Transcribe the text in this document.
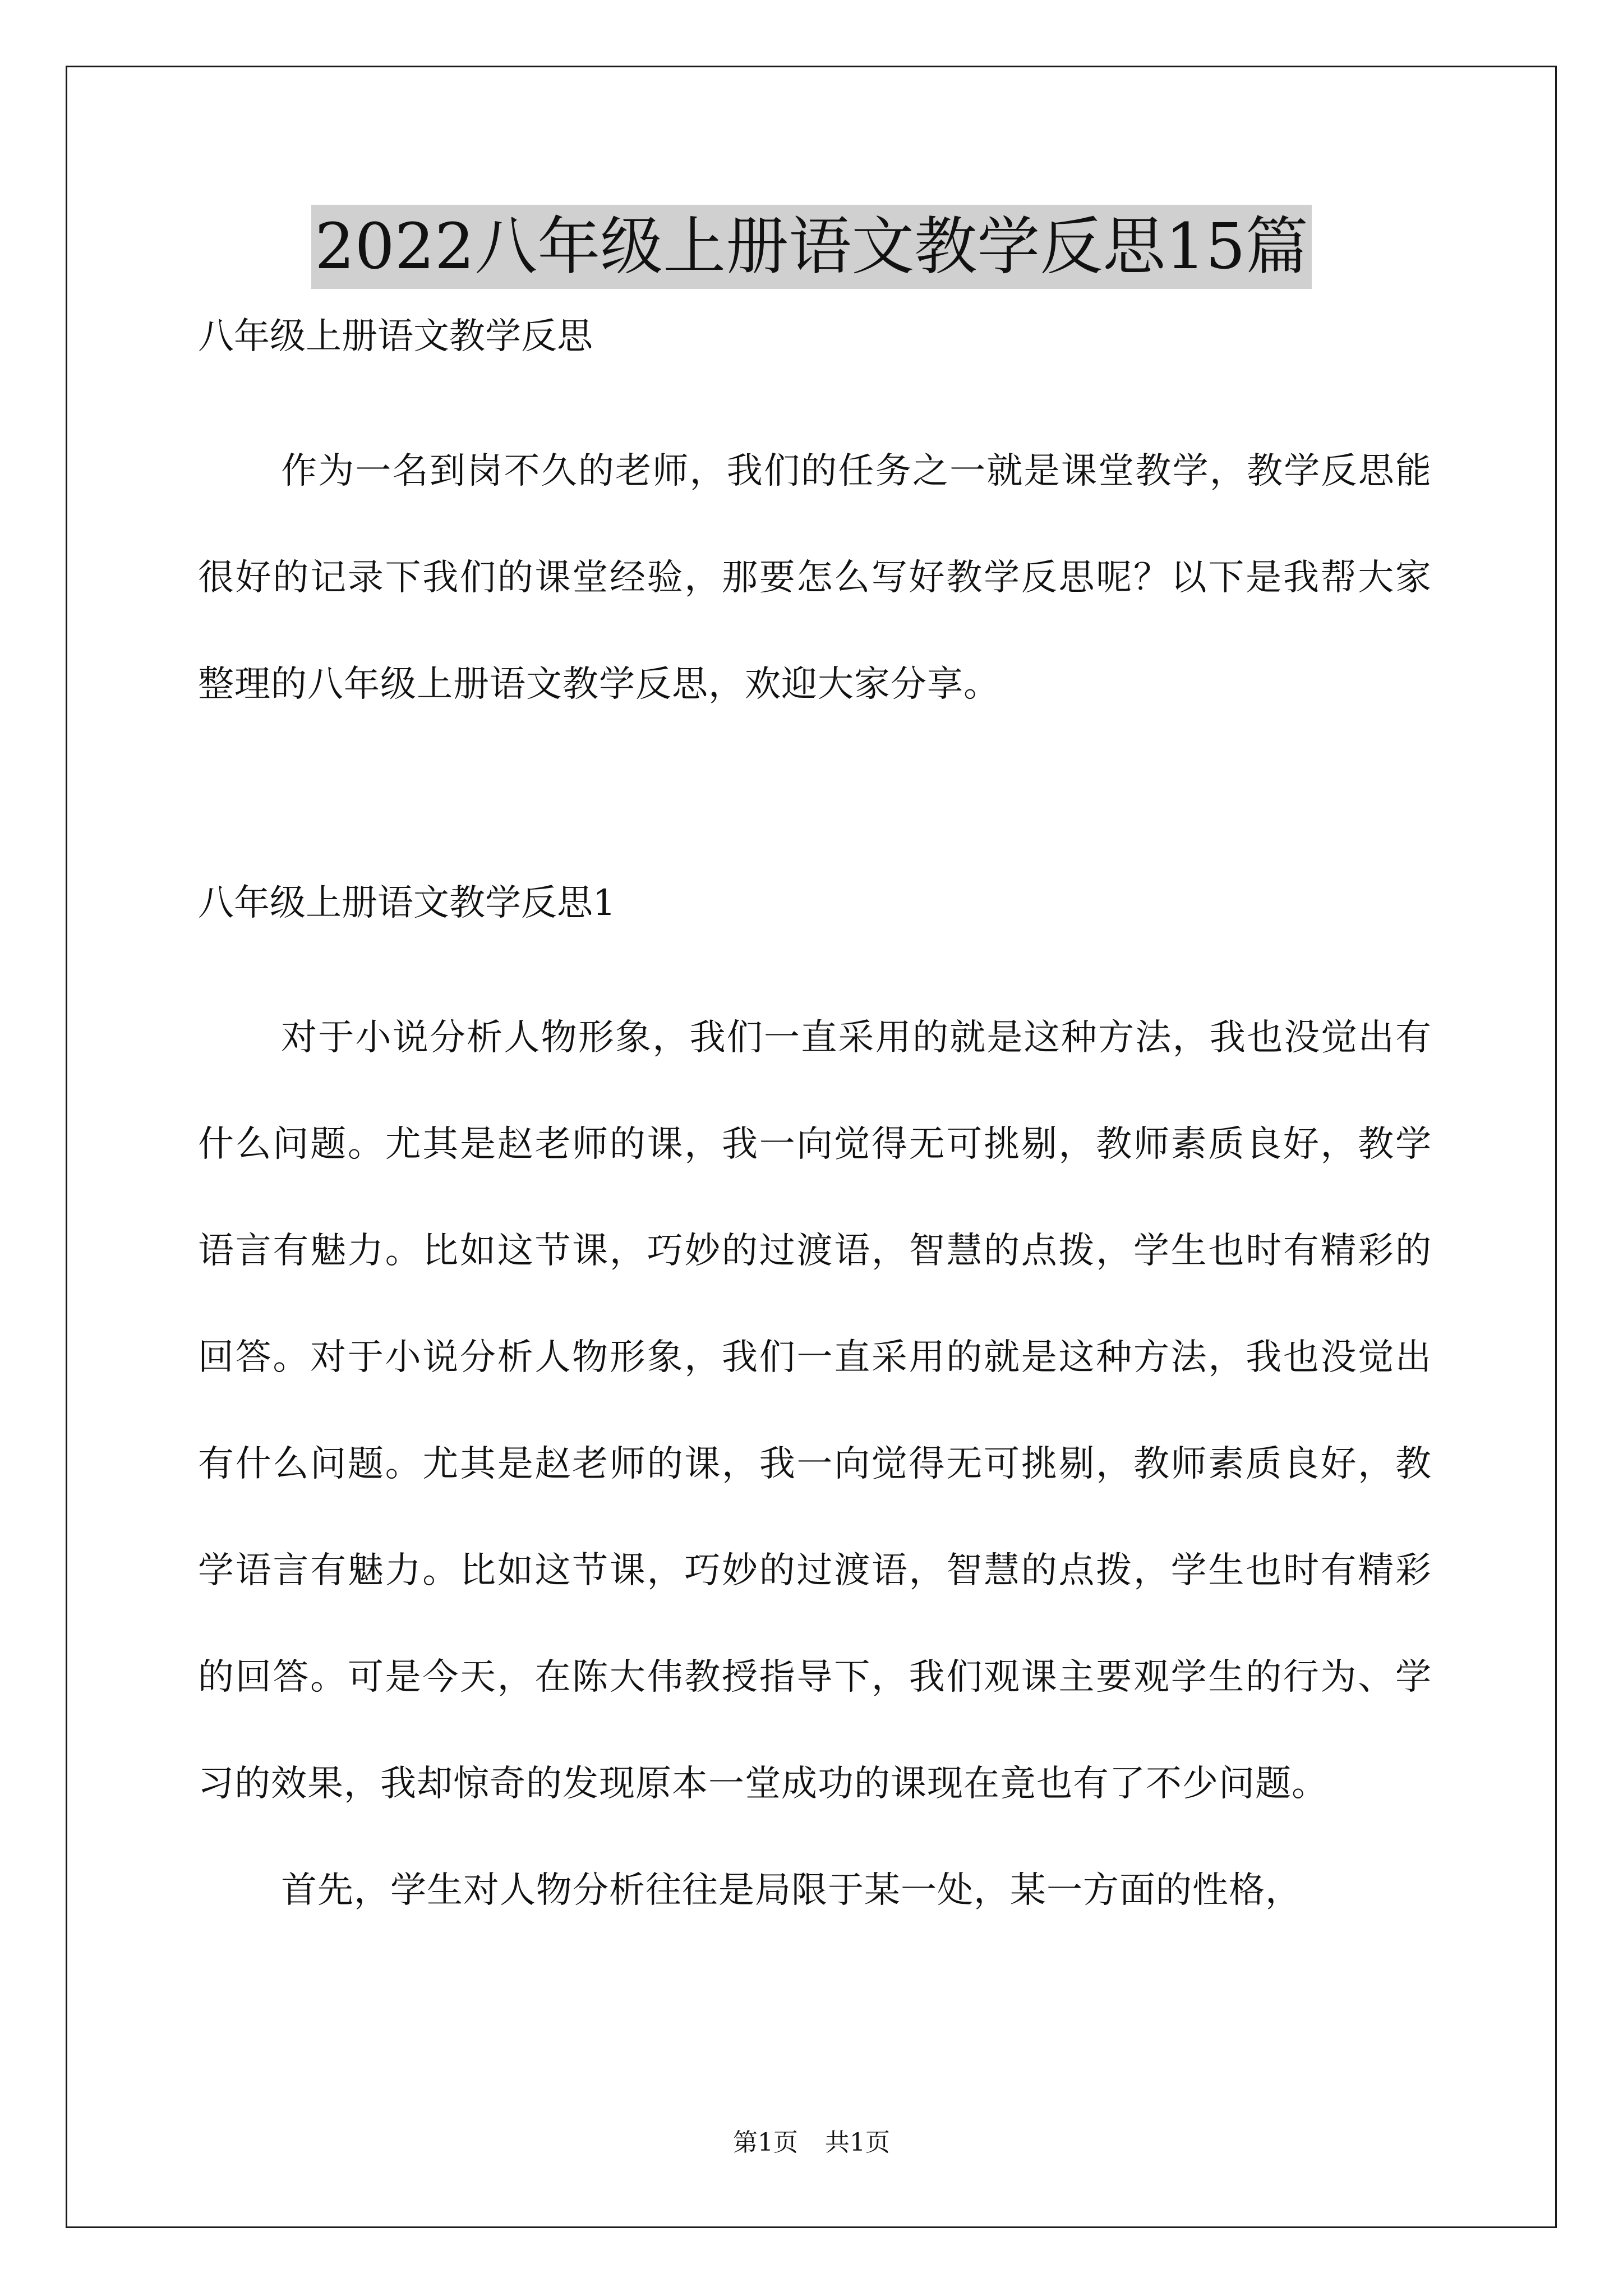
2022八年级上册语文教学反思15篇

八年级上册语文教学反思

作为一名到岗不久的老师，我们的任务之一就是课堂教学，教学反思能很好的记录下我们的课堂经验，那要怎么写好教学反思呢？以下是我帮大家整理的八年级上册语文教学反思，欢迎大家分享。

八年级上册语文教学反思1

对于小说分析人物形象，我们一直采用的就是这种方法，我也没觉出有什么问题。尤其是赵老师的课，我一向觉得无可挑剔，教师素质良好，教学语言有魅力。比如这节课，巧妙的过渡语，智慧的点拨，学生也时有精彩的回答。对于小说分析人物形象，我们一直采用的就是这种方法，我也没觉出有什么问题。尤其是赵老师的课，我一向觉得无可挑剔，教师素质良好，教学语言有魅力。比如这节课，巧妙的过渡语，智慧的点拨，学生也时有精彩的回答。可是今天，在陈大伟教授指导下，我们观课主要观学生的行为、学习的效果，我却惊奇的发现原本一堂成功的课现在竟也有了不少问题。

首先，学生对人物分析往往是局限于某一处，某一方面的性格，

第1页 共1页
